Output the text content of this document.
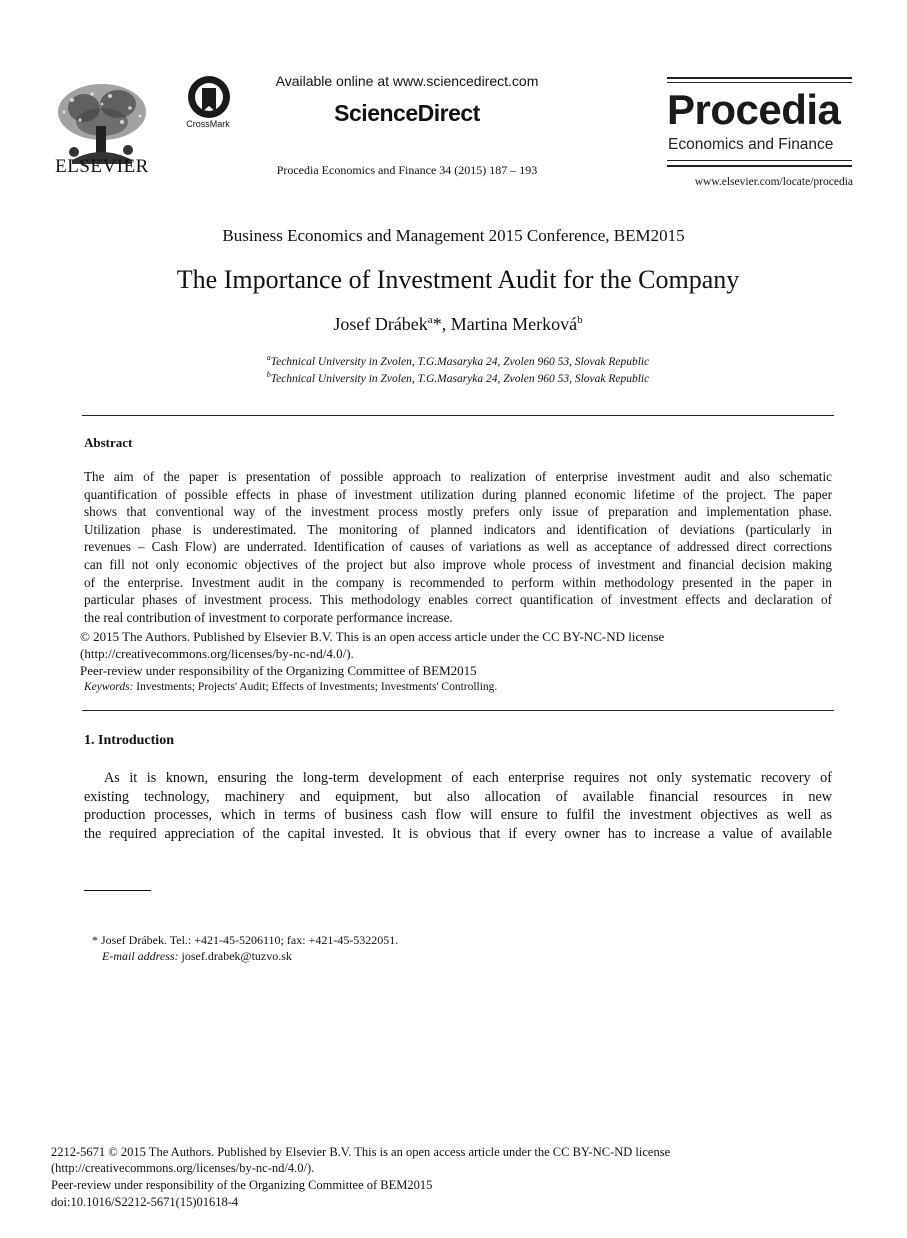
ELSEVIER
CrossMark
Available online at www.sciencedirect.com
ScienceDirect
Procedia Economics and Finance 34 (2015) 187 – 193
Procedia
Economics and Finance
www.elsevier.com/locate/procedia
Business Economics and Management 2015 Conference, BEM2015
The Importance of Investment Audit for the Company
Josef Drábek$^a$*, Martina Merková$^b$
$^a$Technical University in Zvolen, T.G.Masaryka 24, Zvolen 960 53, Slovak Republic
$^b$Technical University in Zvolen, T.G.Masaryka 24, Zvolen 960 53, Slovak Republic
Abstract
The aim of the paper is presentation of possible approach to realization of enterprise investment audit and also schematic
quantification of possible effects in phase of investment utilization during planned economic lifetime of the project. The paper
shows that conventional way of the investment process mostly prefers only issue of preparation and implementation phase.
Utilization phase is underestimated. The monitoring of planned indicators and identification of deviations (particularly in
revenues – Cash Flow) are underrated. Identification of causes of variations as well as acceptance of addressed direct corrections
can fill not only economic objectives of the project but also improve whole process of investment and financial decision making
of the enterprise. Investment audit in the company is recommended to perform within methodology presented in the paper in
particular phases of investment process. This methodology enables correct quantification of investment effects and declaration of
the real contribution of investment to corporate performance increase.
© 2015 The Authors. Published by Elsevier B.V. This is an open access article under the CC BY-NC-ND license
(http://creativecommons.org/licenses/by-nc-nd/4.0/).
Peer-review under responsibility of the Organizing Committee of BEM2015
Keywords: Investments; Projects' Audit; Effects of Investments; Investments' Controlling.
1. Introduction
As it is known, ensuring the long-term development of each enterprise requires not only systematic recovery of
existing technology, machinery and equipment, but also allocation of available financial resources in new
production processes, which in terms of business cash flow will ensure to fulfil the investment objectives as well as
the required appreciation of the capital invested. It is obvious that if every owner has to increase a value of available
* Josef Drábek. Tel.: +421-45-5206110; fax: +421-45-5322051.
E-mail address: josef.drabek@tuzvo.sk
2212-5671 © 2015 The Authors. Published by Elsevier B.V. This is an open access article under the CC BY-NC-ND license
(http://creativecommons.org/licenses/by-nc-nd/4.0/).
Peer-review under responsibility of the Organizing Committee of BEM2015
doi:10.1016/S2212-5671(15)01618-4
